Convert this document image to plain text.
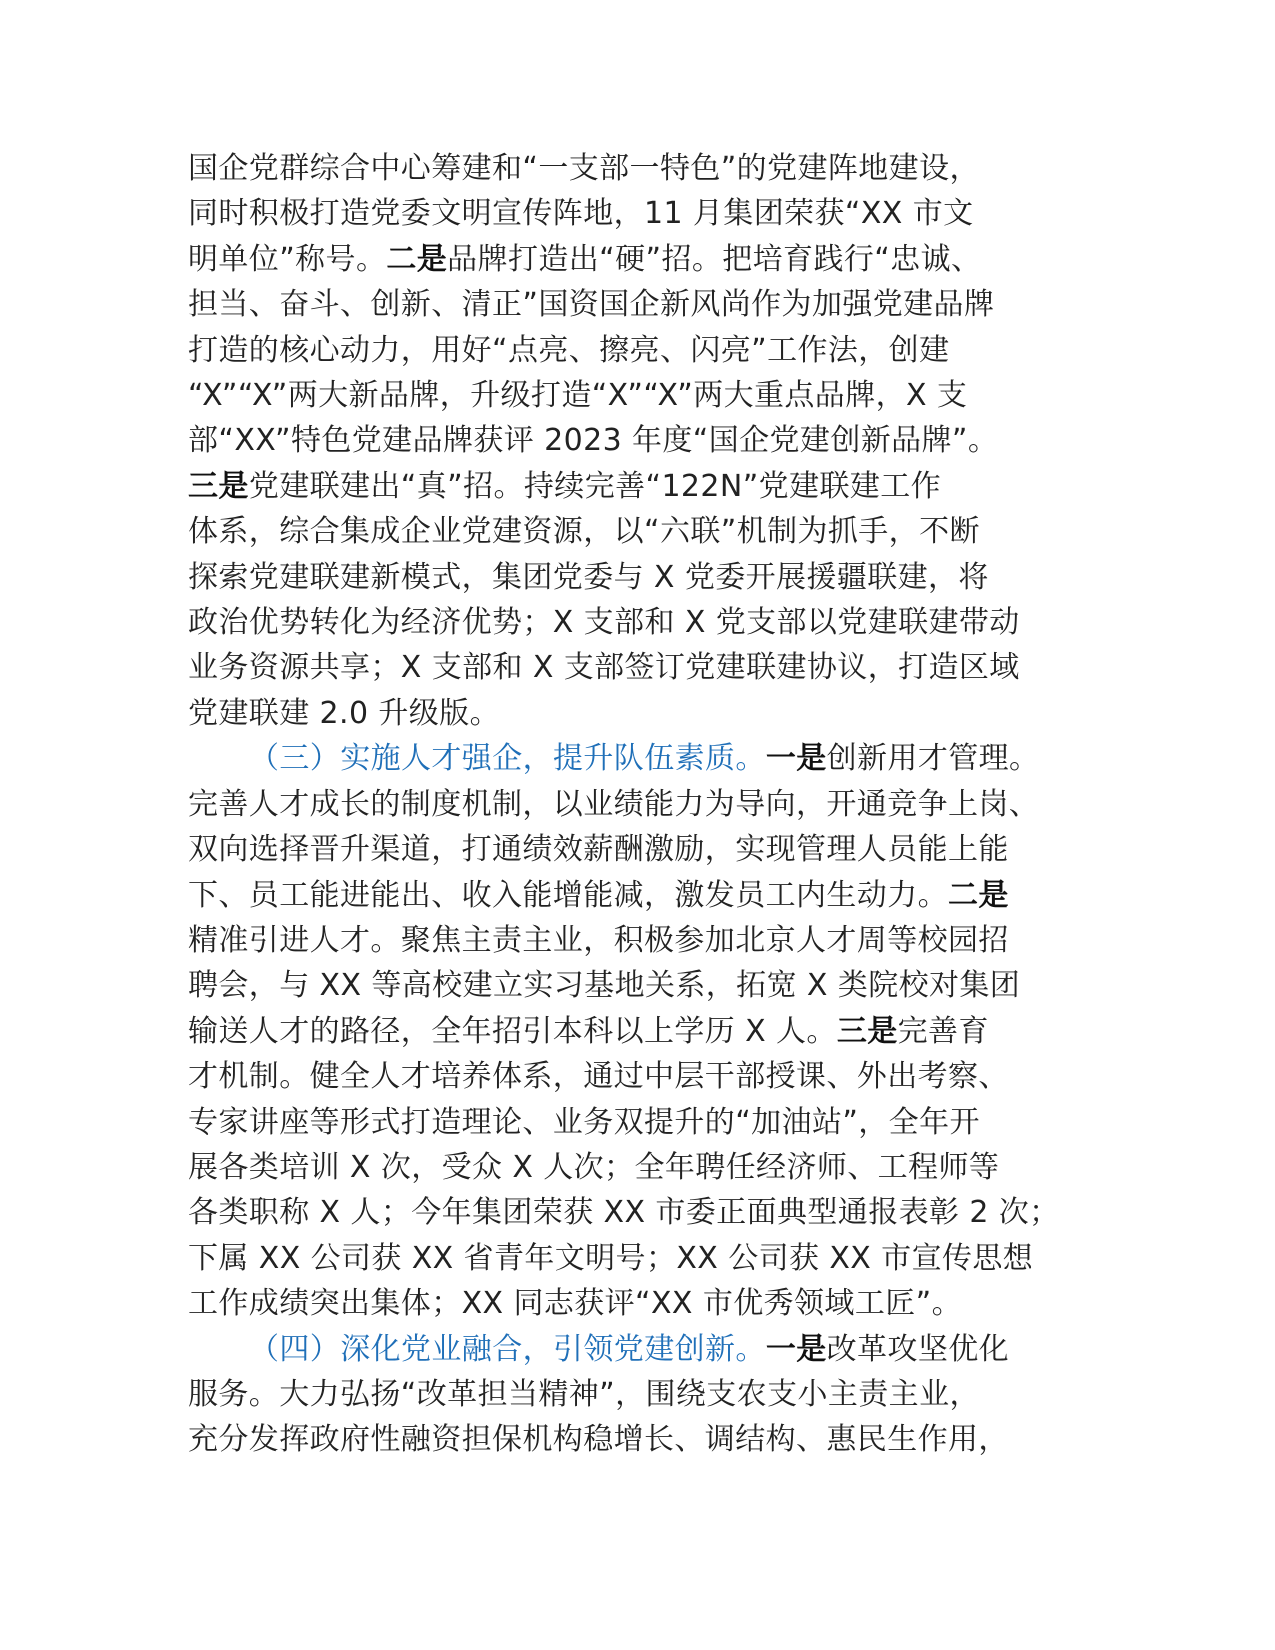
国企党群综合中心筹建和“一支部一特色”的党建阵地建设，
同时积极打造党委文明宣传阵地，11 月集团荣获“XX 市文
明单位”称号。二是品牌打造出“硬”招。把培育践行“忠诚、
担当、奋斗、创新、清正”国资国企新风尚作为加强党建品牌
打造的核心动力，用好“点亮、擦亮、闪亮”工作法，创建
“X”“X”两大新品牌，升级打造“X”“X”两大重点品牌，X 支
部“XX”特色党建品牌获评 2023 年度“国企党建创新品牌”。
三是党建联建出“真”招。持续完善“122N”党建联建工作
体系，综合集成企业党建资源，以“六联”机制为抓手，不断
探索党建联建新模式，集团党委与 X 党委开展援疆联建，将
政治优势转化为经济优势；X 支部和 X 党支部以党建联建带动
业务资源共享；X 支部和 X 支部签订党建联建协议，打造区域
党建联建 2.0 升级版。
（三）实施人才强企，提升队伍素质。一是创新用才管理。
完善人才成长的制度机制，以业绩能力为导向，开通竞争上岗、
双向选择晋升渠道，打通绩效薪酬激励，实现管理人员能上能
下、员工能进能出、收入能增能减，激发员工内生动力。二是
精准引进人才。聚焦主责主业，积极参加北京人才周等校园招
聘会，与 XX 等高校建立实习基地关系，拓宽 X 类院校对集团
输送人才的路径，全年招引本科以上学历 X 人。三是完善育
才机制。健全人才培养体系，通过中层干部授课、外出考察、
专家讲座等形式打造理论、业务双提升的“加油站”，全年开
展各类培训 X 次，受众 X 人次；全年聘任经济师、工程师等
各类职称 X 人；今年集团荣获 XX 市委正面典型通报表彰 2 次；
下属 XX 公司获 XX 省青年文明号；XX 公司获 XX 市宣传思想
工作成绩突出集体；XX 同志获评“XX 市优秀领域工匠”。
（四）深化党业融合，引领党建创新。一是改革攻坚优化
服务。大力弘扬“改革担当精神”，围绕支农支小主责主业，
充分发挥政府性融资担保机构稳增长、调结构、惠民生作用，
